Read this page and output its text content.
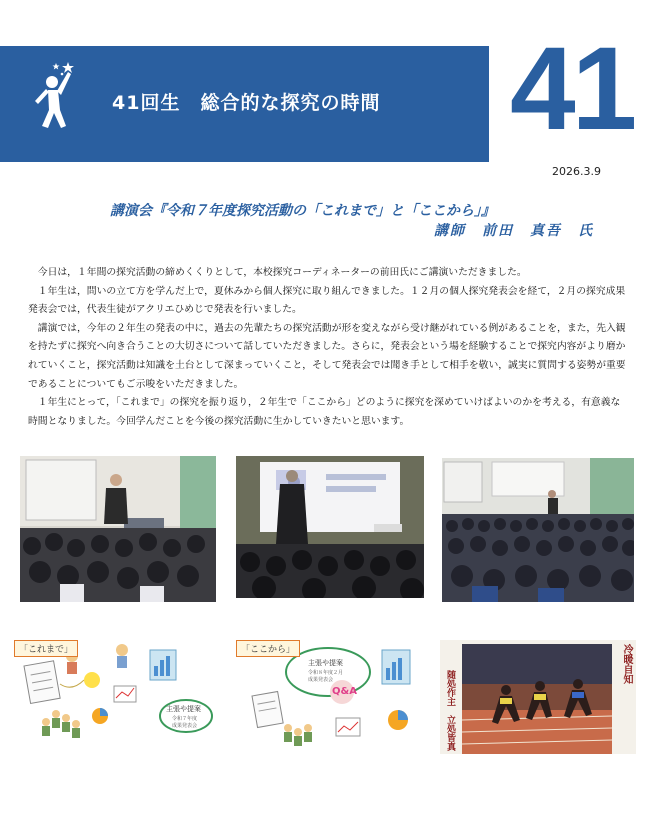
41回生　総合的な探究の時間 41
2026.3.9
講演会『令和７年度探究活動の「これまで」と「ここから」』
講師　前田　真吾　氏

今日は，１年間の探究活動の締めくくりとして，本校探究コーディネーターの前田氏にご講演いただきました。

１年生は，問いの立て方を学んだ上で，夏休みから個人探究に取り組んできました。１２月の個人探究発表会を経て，２月の探究成果発表会では，代表生徒がアクリエひめじで発表を行いました。

講演では，今年の２年生の発表の中に，過去の先輩たちの探究活動が形を変えながら受け継がれている例があることを，また，先入観を持たずに探究へ向き合うことの大切さについて話していただきました。さらに，発表会という場を経験することで探究内容がより磨かれていくこと，探究活動は知識を土台として深まっていくこと，そして発表会では聞き手として相手を敬い，誠実に質問する姿勢が重要であることについてもご示唆をいただきました。

１年生にとって，「これまで」の探究を振り返り，２年生で「ここから」どのように探究を深めていけばよいのかを考える，有意義な時間となりました。今回学んだことを今後の探究活動に生かしていきたいと思います。

「これまで」
主張や提案
令和７年度
成果発表会
「ここから」
主張や提案
令和８年度２月
成果発表会
Q&A
冷暖自知
随処作主　立処皆真
